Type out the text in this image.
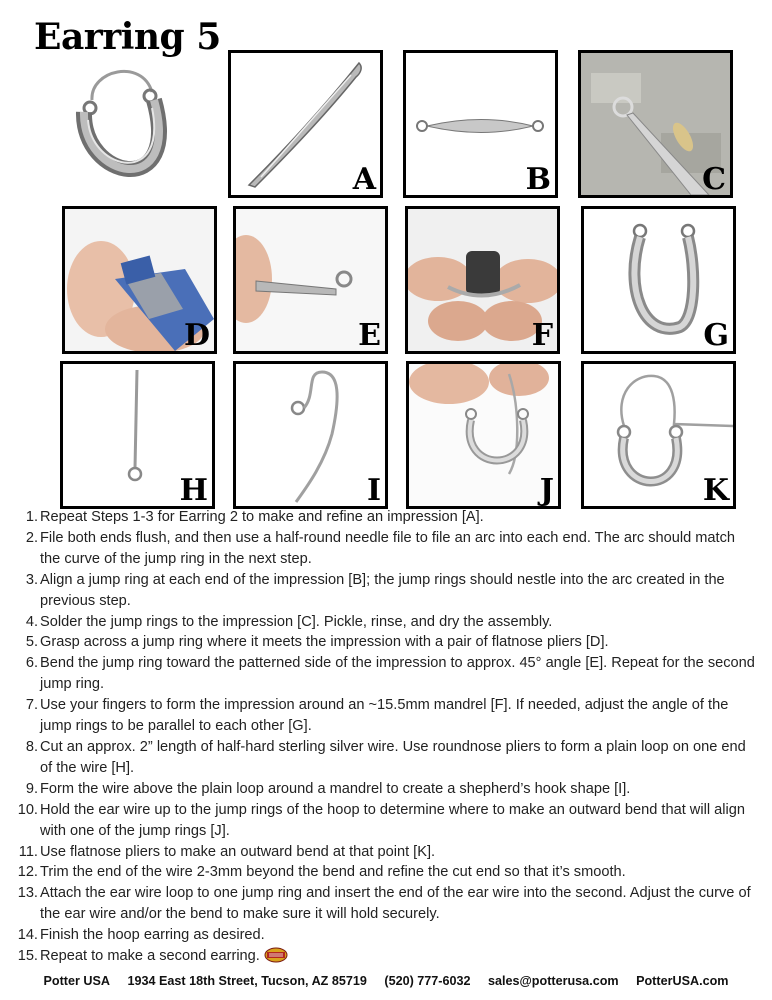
Earring 5
A	B	C
D	E	F	G
H	I	J	K
1. Repeat Steps 1-3 for Earring 2 to make and refine an impression [A].
2. File both ends flush, and then use a half-round needle file to file an arc into each end. The arc should match the curve of the jump ring in the next step.
3. Align a jump ring at each end of the impression [B]; the jump rings should nestle into the arc created in the previous step.
4. Solder the jump rings to the impression [C]. Pickle, rinse, and dry the assembly.
5. Grasp across a jump ring where it meets the impression with a pair of flatnose pliers [D].
6. Bend the jump ring toward the patterned side of the impression to approx. 45° angle [E]. Repeat for the second jump ring.
7. Use your fingers to form the impression around an ~15.5mm mandrel [F]. If needed, adjust the angle of the jump rings to be parallel to each other [G].
8. Cut an approx. 2” length of half-hard sterling silver wire. Use roundnose pliers to form a plain loop on one end of the wire [H].
9. Form the wire above the plain loop around a mandrel to create a shepherd’s hook shape [I].
10. Hold the ear wire up to the jump rings of the hoop to determine where to make an outward bend that will align with one of the jump rings [J].
11. Use flatnose pliers to make an outward bend at that point [K].
12. Trim the end of the wire 2-3mm beyond the bend and refine the cut end so that it’s smooth.
13. Attach the ear wire loop to one jump ring and insert the end of the ear wire into the second. Adjust the curve of the ear wire and/or the bend to make sure it will hold securely.
14. Finish the hoop earring as desired.
15. Repeat to make a second earring.
Potter USA 1934 East 18th Street, Tucson, AZ 85719 (520) 777-6032 sales@potterusa.com PotterUSA.com
